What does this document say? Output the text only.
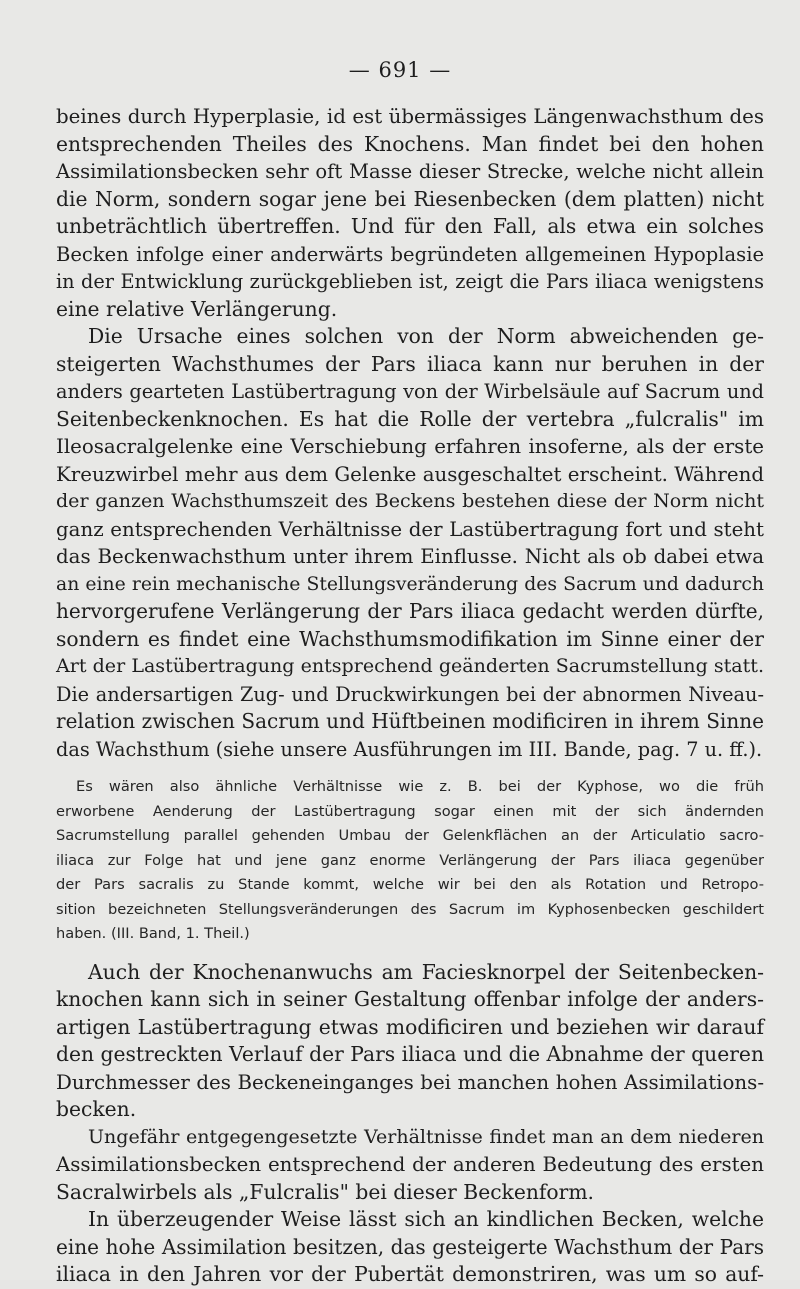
— 691 —
beines durch Hyperplasie, id est übermässiges Längenwachsthum des
entsprechenden Theiles des Knochens. Man findet bei den hohen
Assimilationsbecken sehr oft Masse dieser Strecke, welche nicht allein
die Norm, sondern sogar jene bei Riesenbecken (dem platten) nicht
unbeträchtlich übertreffen. Und für den Fall, als etwa ein solches
Becken infolge einer anderwärts begründeten allgemeinen Hypoplasie
in der Entwicklung zurückgeblieben ist, zeigt die Pars iliaca wenigstens
eine relative Verlängerung.
Die Ursache eines solchen von der Norm abweichenden ge-
steigerten Wachsthumes der Pars iliaca kann nur beruhen in der
anders gearteten Lastübertragung von der Wirbelsäule auf Sacrum und
Seitenbeckenknochen. Es hat die Rolle der vertebra „fulcralis" im
Ileosacralgelenke eine Verschiebung erfahren insoferne, als der erste
Kreuzwirbel mehr aus dem Gelenke ausgeschaltet erscheint. Während
der ganzen Wachsthumszeit des Beckens bestehen diese der Norm nicht
ganz entsprechenden Verhältnisse der Lastübertragung fort und steht
das Beckenwachsthum unter ihrem Einflusse. Nicht als ob dabei etwa
an eine rein mechanische Stellungsveränderung des Sacrum und dadurch
hervorgerufene Verlängerung der Pars iliaca gedacht werden dürfte,
sondern es findet eine Wachsthumsmodifikation im Sinne einer der
Art der Lastübertragung entsprechend geänderten Sacrumstellung statt.
Die andersartigen Zug- und Druckwirkungen bei der abnormen Niveau-
relation zwischen Sacrum und Hüftbeinen modificiren in ihrem Sinne
das Wachsthum (siehe unsere Ausführungen im III. Bande, pag. 7 u. ff.).
Es wären also ähnliche Verhältnisse wie z. B. bei der Kyphose, wo die früh
erworbene Aenderung der Lastübertragung sogar einen mit der sich ändernden
Sacrumstellung parallel gehenden Umbau der Gelenkflächen an der Articulatio sacro-
iliaca zur Folge hat und jene ganz enorme Verlängerung der Pars iliaca gegenüber
der Pars sacralis zu Stande kommt, welche wir bei den als Rotation und Retropo-
sition bezeichneten Stellungsveränderungen des Sacrum im Kyphosenbecken geschildert
haben. (III. Band, 1. Theil.)
Auch der Knochenanwuchs am Faciesknorpel der Seitenbecken-
knochen kann sich in seiner Gestaltung offenbar infolge der anders-
artigen Lastübertragung etwas modificiren und beziehen wir darauf
den gestreckten Verlauf der Pars iliaca und die Abnahme der queren
Durchmesser des Beckeneinganges bei manchen hohen Assimilations-
becken.
Ungefähr entgegengesetzte Verhältnisse findet man an dem niederen
Assimilationsbecken entsprechend der anderen Bedeutung des ersten
Sacralwirbels als „Fulcralis" bei dieser Beckenform.
In überzeugender Weise lässt sich an kindlichen Becken, welche
eine hohe Assimilation besitzen, das gesteigerte Wachsthum der Pars
iliaca in den Jahren vor der Pubertät demonstriren, was um so auf-
